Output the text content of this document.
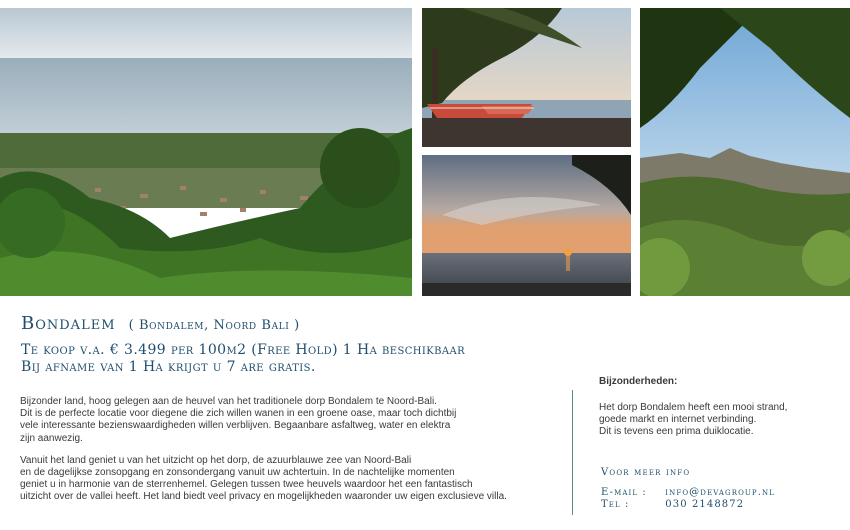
Bondalem ( Bondalem, Noord Bali )
Te koop v.a. € 3.499 per 100m2 (Free Hold) 1 Ha beschikbaar
Bij afname van 1 Ha krijgt u 7 are gratis.

Bijzonder land, hoog gelegen aan de heuvel van het traditionele dorp Bondalem te Noord-Bali.
Dit is de perfecte locatie voor diegene die zich willen wanen in een groene oase, maar toch dichtbij
vele interessante bezienswaardigheden willen verblijven. Begaanbare asfaltweg, water en elektra
zijn aanwezig.

Vanuit het land geniet u van het uitzicht op het dorp, de azuurblauwe zee van Noord-Bali
en de dagelijkse zonsopgang en zonsondergang vanuit uw achtertuin. In de nachtelijke momenten
geniet u in harmonie van de sterrenhemel. Gelegen tussen twee heuvels waardoor het een fantastisch
uitzicht over de vallei heeft. Het land biedt veel privacy en mogelijkheden waaronder uw eigen exclusieve villa.

Bijzonderheden:
Het dorp Bondalem heeft een mooi strand,
goede markt en internet verbinding.
Dit is tevens een prima duiklocatie.
Voor meer info
E-mail : info@devagroup.nl
Tel :	030 2148872
